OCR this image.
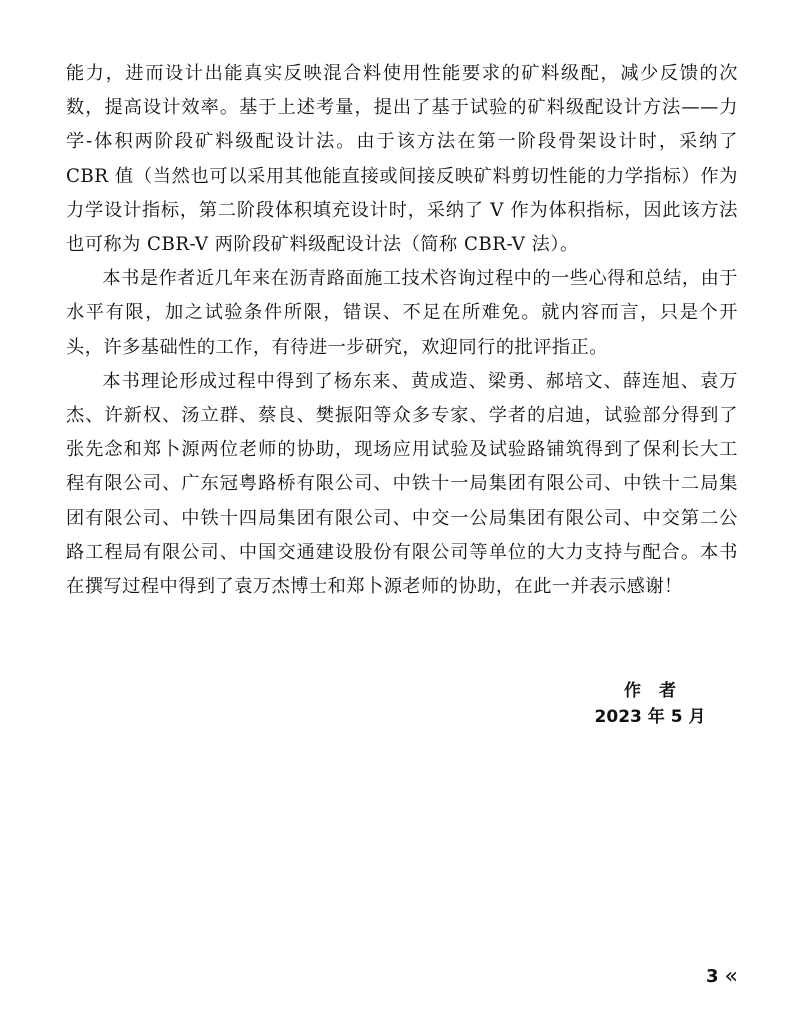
能力，进而设计出能真实反映混合料使用性能要求的矿料级配，减少反馈的次数，提高设计效率。基于上述考量，提出了基于试验的矿料级配设计方法——力学-体积两阶段矿料级配设计法。由于该方法在第一阶段骨架设计时，采纳了 CBR 值（当然也可以采用其他能直接或间接反映矿料剪切性能的力学指标）作为力学设计指标，第二阶段体积填充设计时，采纳了 V 作为体积指标，因此该方法也可称为 CBR-V 两阶段矿料级配设计法（简称 CBR-V 法）。

本书是作者近几年来在沥青路面施工技术咨询过程中的一些心得和总结，由于水平有限，加之试验条件所限，错误、不足在所难免。就内容而言，只是个开头，许多基础性的工作，有待进一步研究，欢迎同行的批评指正。

本书理论形成过程中得到了杨东来、黄成造、梁勇、郝培文、薛连旭、袁万杰、许新权、汤立群、蔡良、樊振阳等众多专家、学者的启迪，试验部分得到了张先念和郑卜源两位老师的协助，现场应用试验及试验路铺筑得到了保利长大工程有限公司、广东冠粤路桥有限公司、中铁十一局集团有限公司、中铁十二局集团有限公司、中铁十四局集团有限公司、中交一公局集团有限公司、中交第二公路工程局有限公司、中国交通建设股份有限公司等单位的大力支持与配合。本书在撰写过程中得到了袁万杰博士和郑卜源老师的协助，在此一并表示感谢！

作者
2023 年 5 月
3 «
